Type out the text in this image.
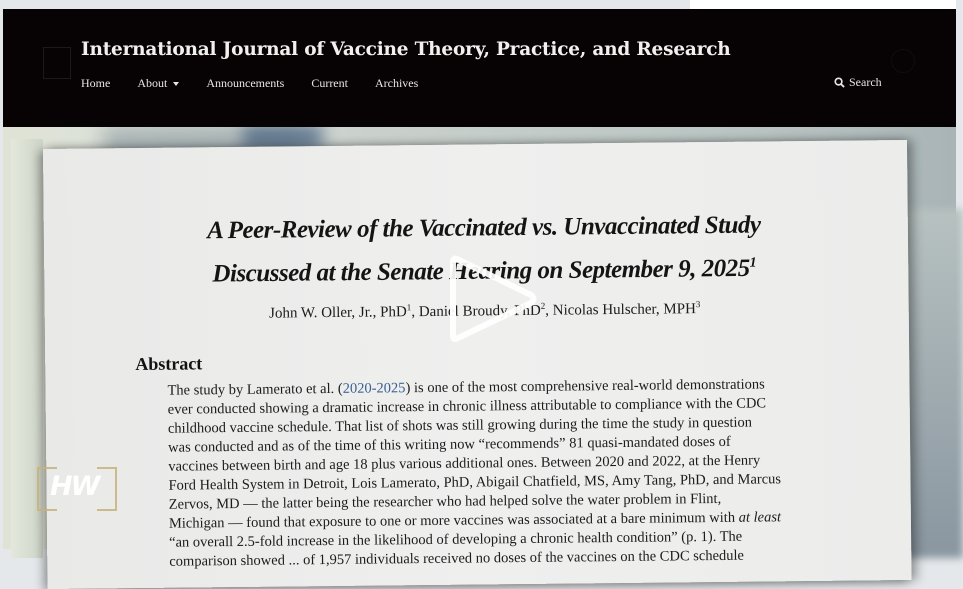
International Journal of Vaccine Theory, Practice, and Research
Home About	Announcements Current Archives	Search
A Peer-Review of the Vaccinated vs. Unvaccinated Study
Discussed at the Senate Hearing on September 9, 2025$^1$
John W. Oller, Jr., PhD$^1$, Daniel Broudy, PhD$^2$, Nicolas Hulscher, MPH$^3$
Abstract
The study by Lamerato et al. (2020-2025) is one of the most comprehensive real-world demonstrations
ever conducted showing a dramatic increase in chronic illness attributable to compliance with the CDC
childhood vaccine schedule. That list of shots was still growing during the time the study in question
was conducted and as of the time of this writing now “recommends” 81 quasi-mandated doses of
vaccines between birth and age 18 plus various additional ones. Between 2020 and 2022, at the Henry
Ford Health System in Detroit, Lois Lamerato, PhD, Abigail Chatfield, MS, Amy Tang, PhD, and Marcus
Zervos, MD — the latter being the researcher who had helped solve the water problem in Flint,
Michigan — found that exposure to one or more vaccines was associated at a bare minimum with at least
“an overall 2.5-fold increase in the likelihood of developing a chronic health condition” (p. 1). The
comparison showed ... of 1,957 individuals received no doses of the vaccines on the CDC schedule
HW
